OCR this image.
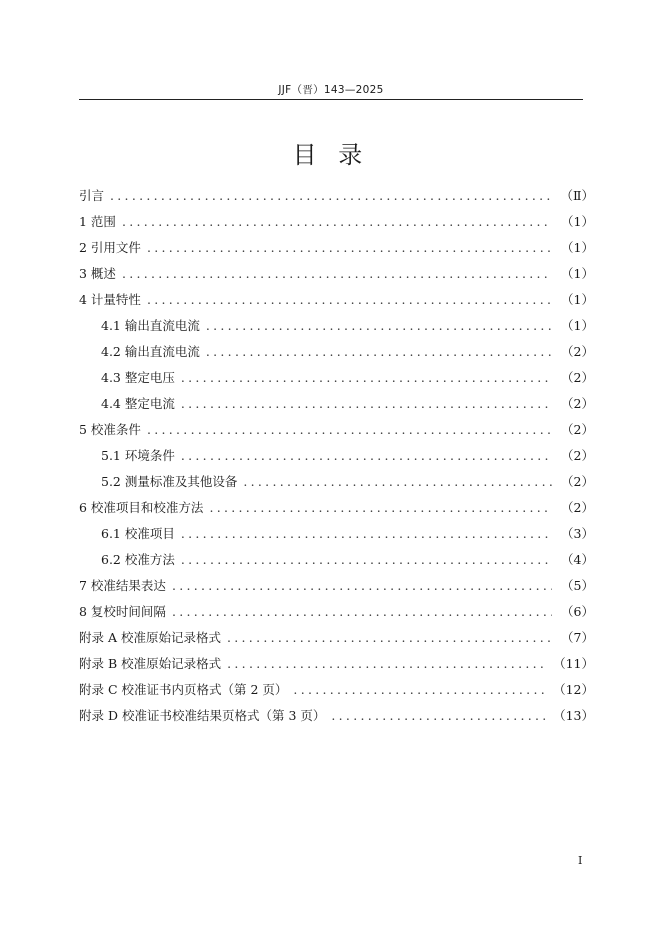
JJF（晋）143—2025
目 录
引言 .....	（Ⅱ）
1 范围 .....	（1）
2 引用文件 .....	（1）
3 概述 .....	（1）
4 计量特性 .....	（1）
4.1 输出直流电流 .....	（1）
4.2 输出直流电流 .....	（2）
4.3 整定电压 .....	（2）
4.4 整定电流 .....	（2）
5 校准条件 .....	（2）
5.1 环境条件 .....	（2）
5.2 测量标准及其他设备 .....	（2）
6 校准项目和校准方法 .....	（2）
6.1 校准项目 .....	（3）
6.2 校准方法 .....	（4）
7 校准结果表达 .....	（5）
8 复校时间间隔 .....	（6）
附录 A 校准原始记录格式 .....	（7）
附录 B 校准原始记录格式 .....	（11）
附录 C 校准证书内页格式（第 2 页） .....	（12）
附录 D 校准证书校准结果页格式（第 3 页） .....	（13）
I
